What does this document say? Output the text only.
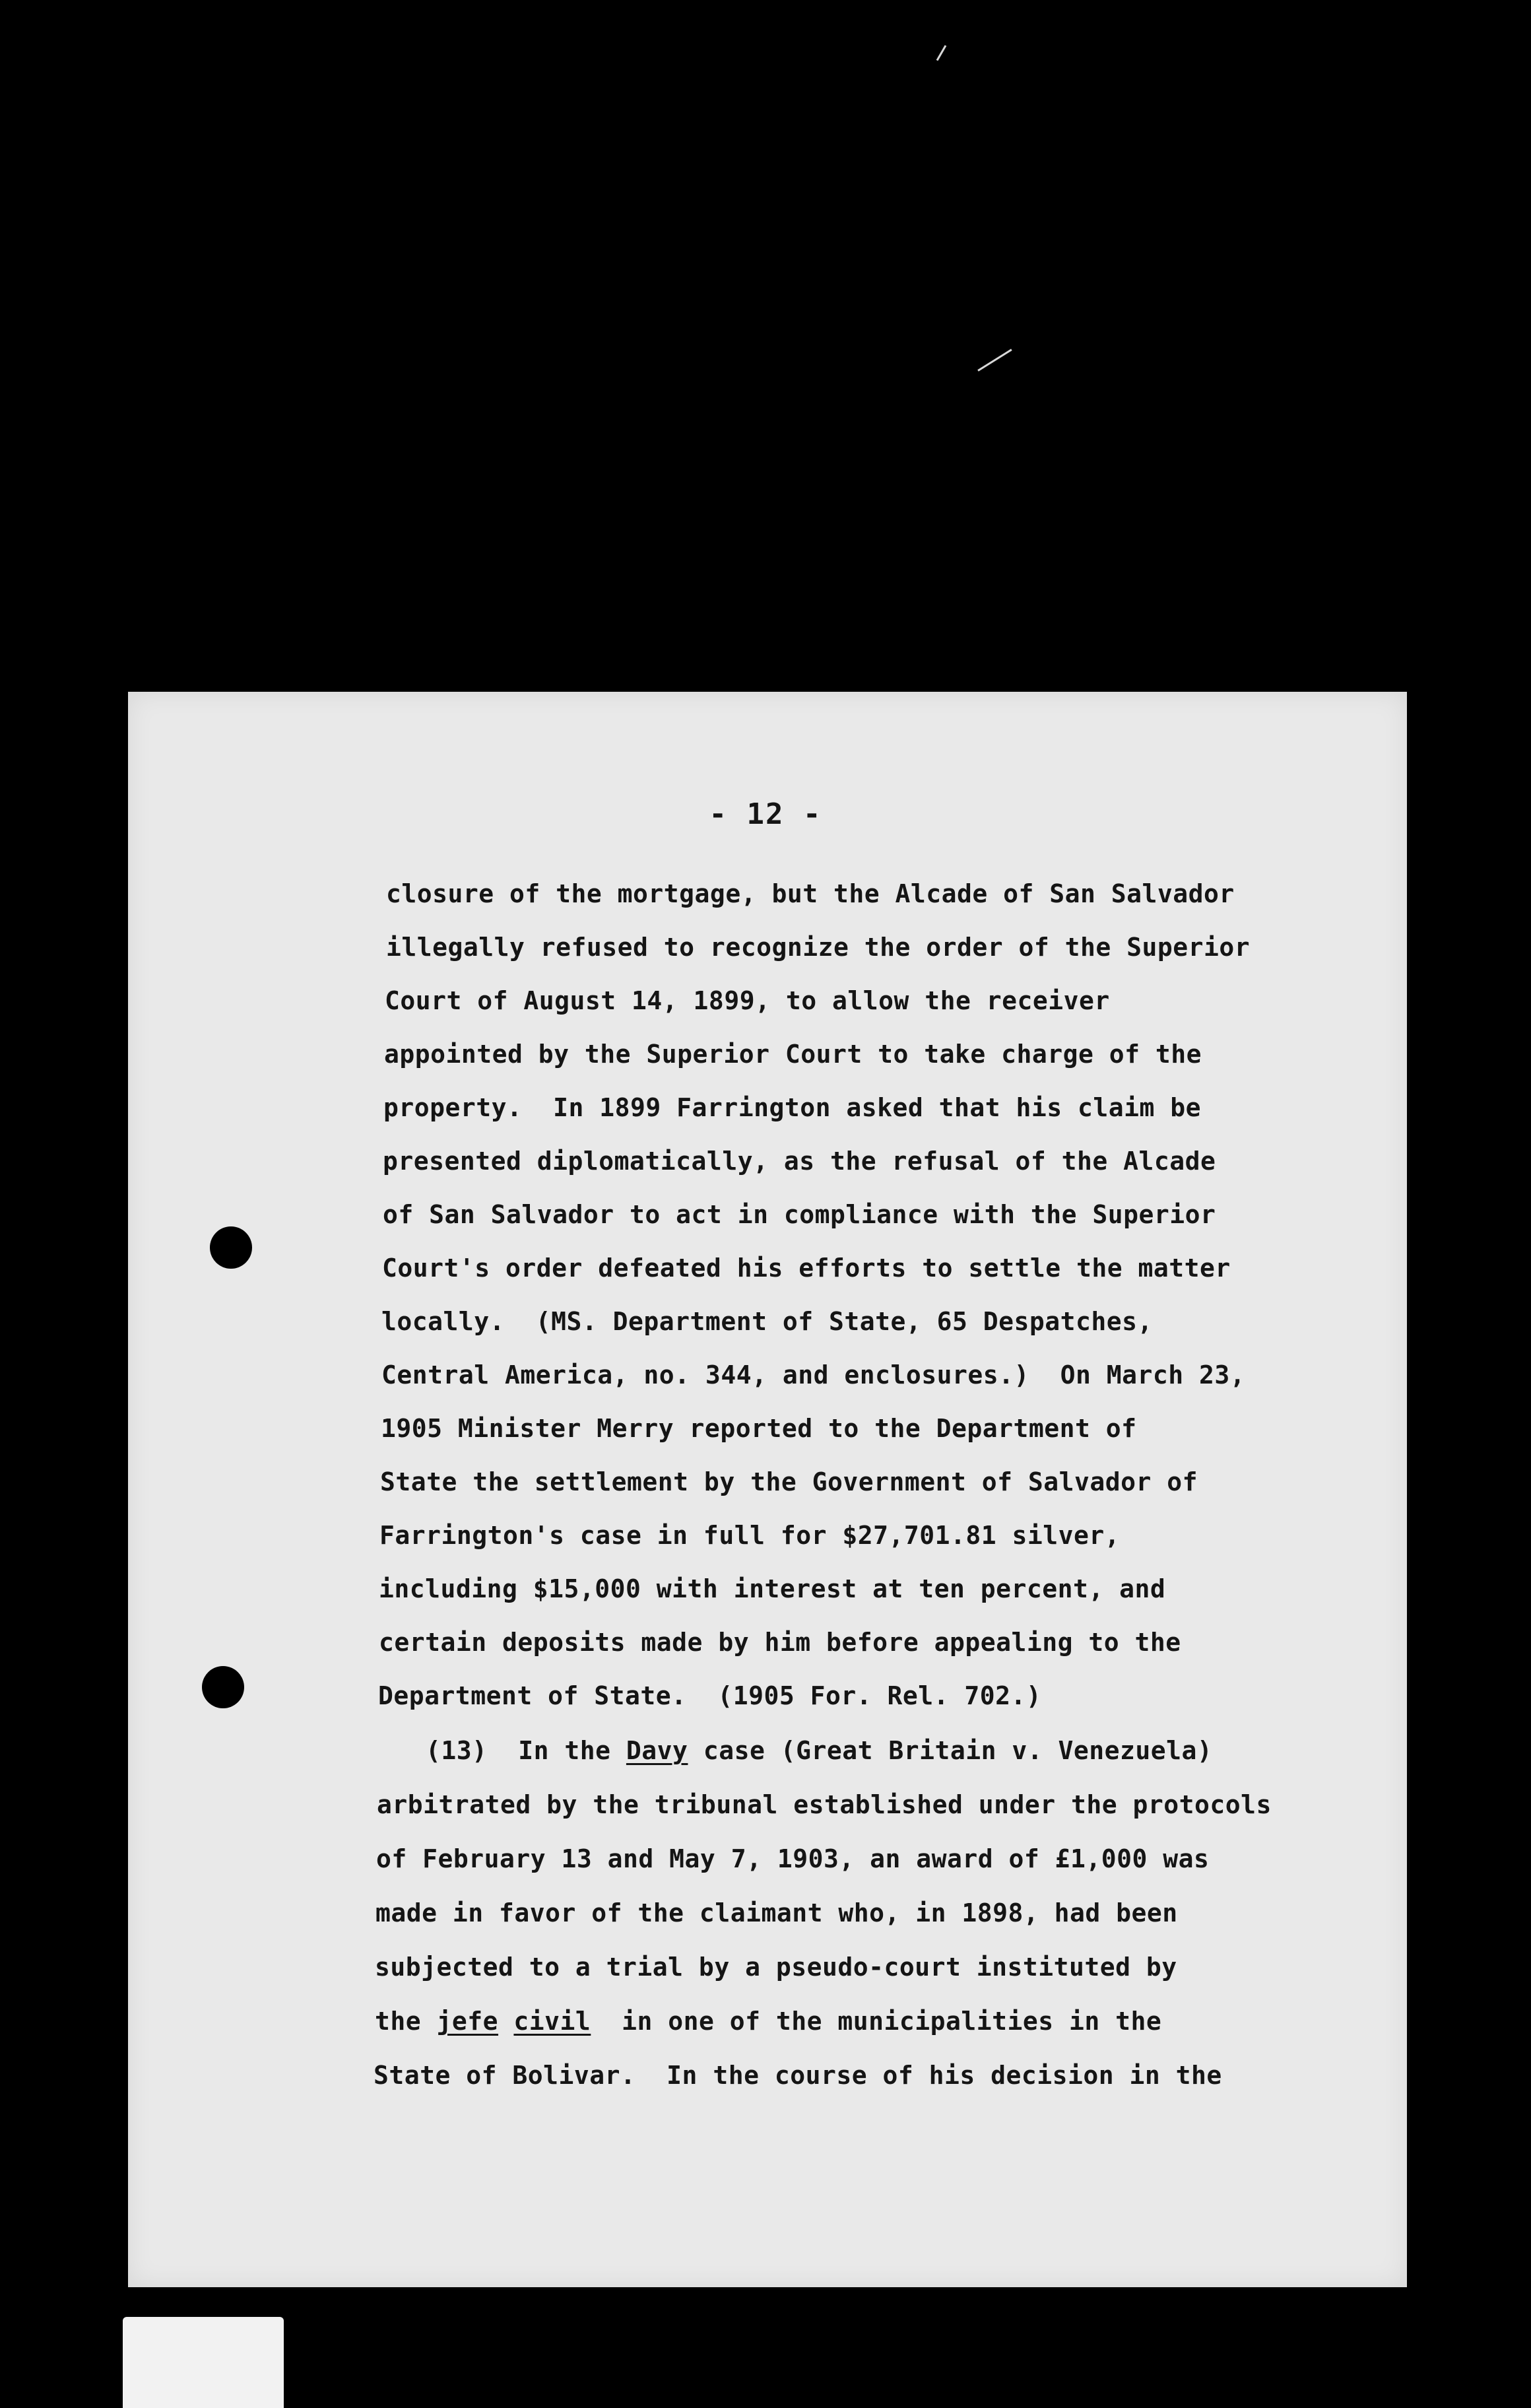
- 12 -
closure of the mortgage, but the Alcade of San Salvador
illegally refused to recognize the order of the Superior
Court of August 14, 1899, to allow the receiver
appointed by the Superior Court to take charge of the
property.  In 1899 Farrington asked that his claim be
presented diplomatically, as the refusal of the Alcade
of San Salvador to act in compliance with the Superior
Court's order defeated his efforts to settle the matter
locally.  (MS. Department of State, 65 Despatches,
Central America, no. 344, and enclosures.)  On March 23,
1905 Minister Merry reported to the Department of
State the settlement by the Government of Salvador of
Farrington's case in full for $27,701.81 silver,
including $15,000 with interest at ten percent, and
certain deposits made by him before appealing to the
Department of State.  (1905 For. Rel. 702.)
(13)  In the Davy case (Great Britain v. Venezuela)
arbitrated by the tribunal established under the protocols
of February 13 and May 7, 1903, an award of £1,000 was
made in favor of the claimant who, in 1898, had been
subjected to a trial by a pseudo-court instituted by
the jefe civil  in one of the municipalities in the
State of Bolivar.  In the course of his decision in the
